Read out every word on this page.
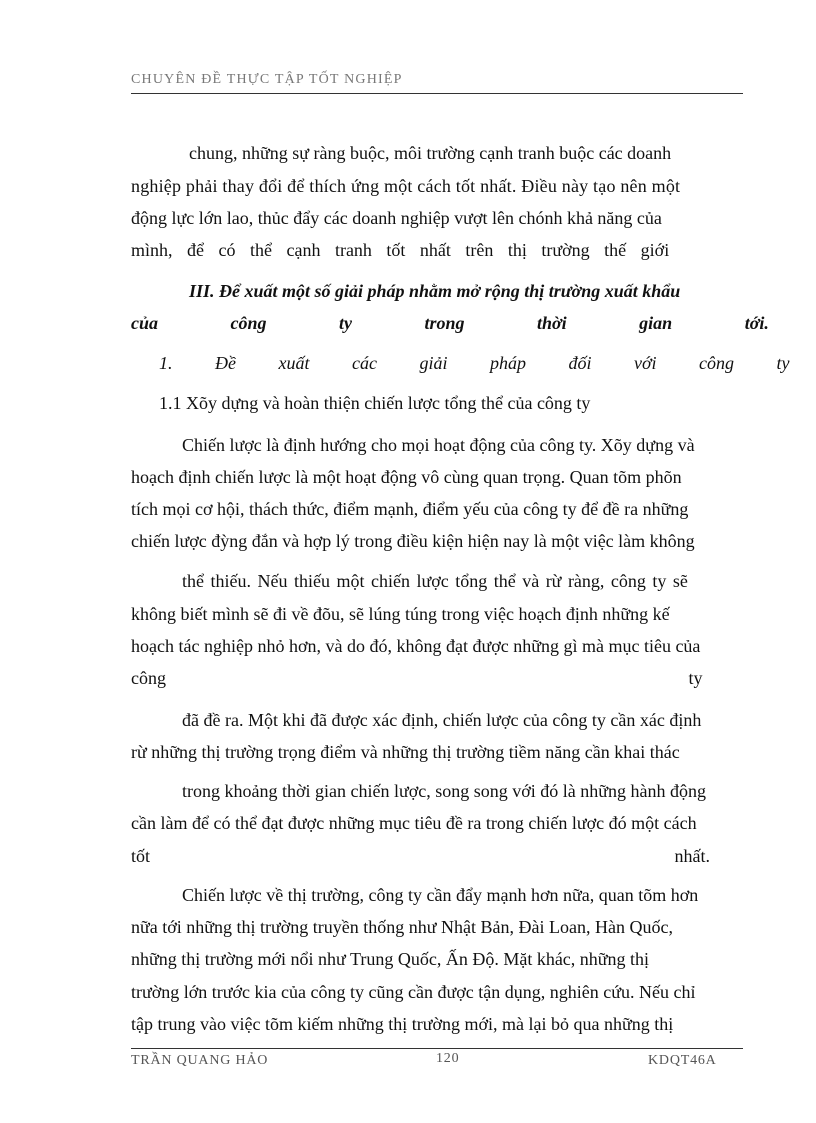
CHUYÊN ĐỀ THỰC TẬP TỐT NGHIỆP
chung, những sự ràng buộc, môi trường cạnh tranh buộc các doanh
nghiệp phải thay đổi để thích ứng một cách tốt nhất. Điều này tạo nên một
động lực lớn lao, thủc đẩy các doanh nghiệp vượt lên chónh khả năng của
mình, để có thể cạnh tranh tốt nhất trên thị trường thế giới
III. Để xuất một số giải pháp nhằm mở rộng thị trường xuất khẩu
của công ty trong thời gian tới.
1. Đề xuất các giải pháp đối với công ty
1.1 Xõy dựng và hoàn thiện chiến lược tổng thể của công ty
Chiến lược là định hướng cho mọi hoạt động của công ty. Xõy dựng và
hoạch định chiến lược là một hoạt động vô cùng quan trọng. Quan tõm phõn
tích mọi cơ hội, thách thức, điểm mạnh, điểm yếu của công ty để đề ra những
chiến lược đỳng đắn và hợp lý trong điều kiện hiện nay là một việc làm không
thể thiếu. Nếu thiếu một chiến lược tổng thể và rừ ràng, công ty sẽ
không biết mình sẽ đi về đõu, sẽ lúng túng trong việc hoạch định những kế
hoạch tác nghiệp nhỏ hơn, và do đó, không đạt được những gì mà mục tiêu của
công ty
đã đề ra. Một khi đã được xác định, chiến lược của công ty cần xác định
rừ những thị trường trọng điểm và những thị trường tiềm năng cần khai thác
trong khoảng thời gian chiến lược, song song với đó là những hành động
cần làm để có thể đạt được những mục tiêu đề ra trong chiến lược đó một cách
tốt nhất.
Chiến lược về thị trường, công ty cần đẩy mạnh hơn nữa, quan tõm hơn
nữa tới những thị trường truyền thống như Nhật Bản, Đài Loan, Hàn Quốc,
những thị trường mới nổi như Trung Quốc, Ấn Độ. Mặt khác, những thị
trường lớn trước kia của công ty cũng cần được tận dụng, nghiên cứu. Nếu chỉ
tập trung vào việc tõm kiếm những thị trường mới, mà lại bỏ qua những thị
TRẦN QUANG HẢO	120	KDQT46A
